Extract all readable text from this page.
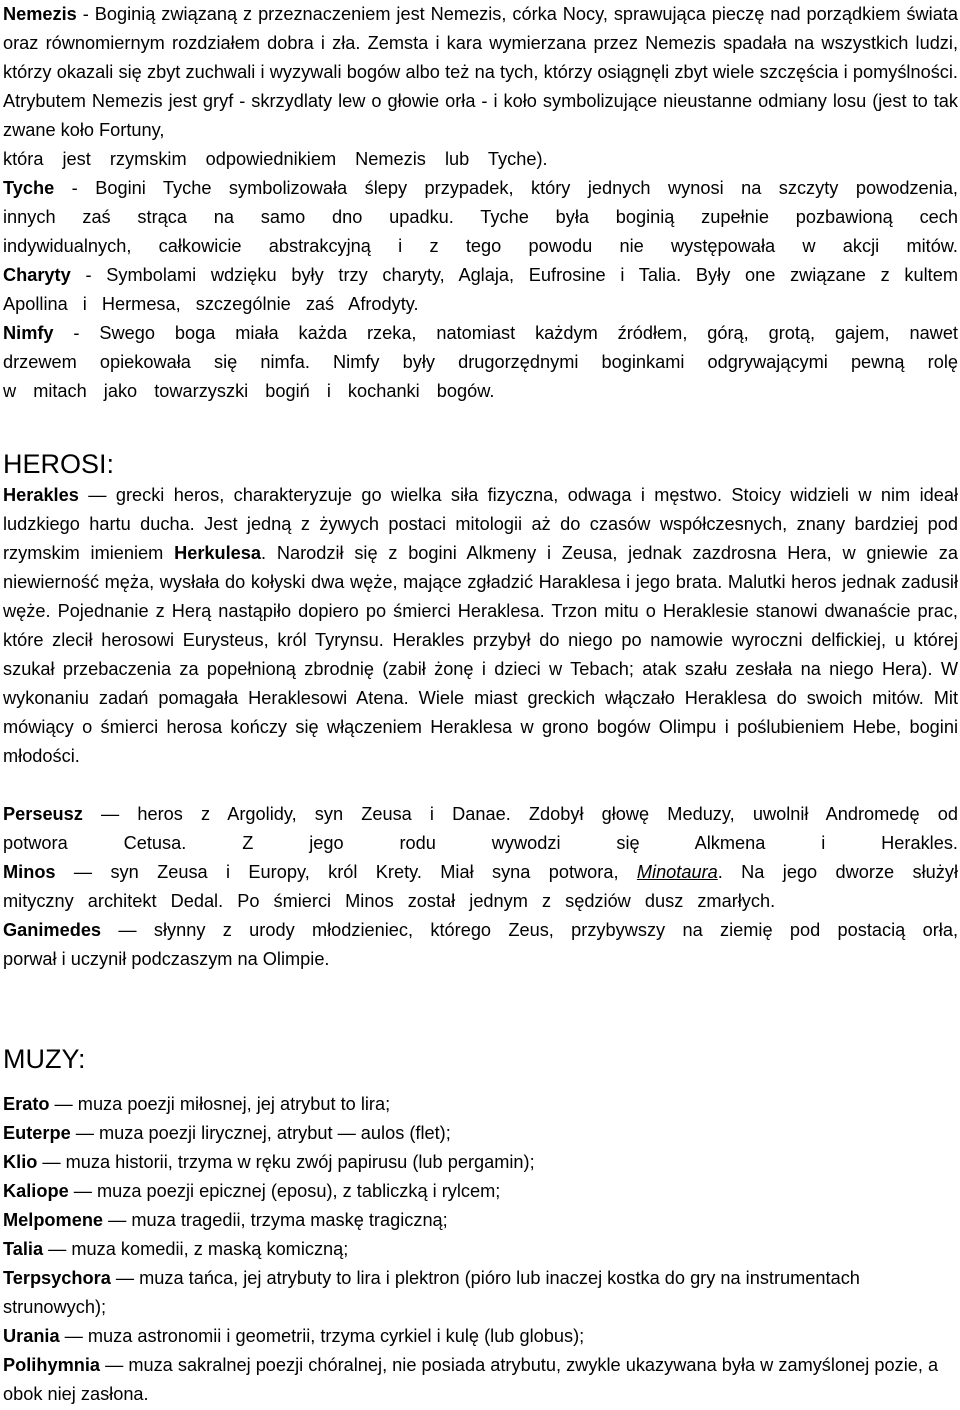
Nemezis - Boginią związaną z przeznaczeniem jest Nemezis, córka Nocy, sprawująca pieczę nad porządkiem świata oraz równomiernym rozdziałem dobra i zła. Zemsta i kara wymierzana przez Nemezis spadała na wszystkich ludzi, którzy okazali się zbyt zuchwali i wyzywali bogów albo też na tych, którzy osiągnęli zbyt wiele szczęścia i pomyślności. Atrybutem Nemezis jest gryf - skrzydlaty lew o głowie orła - i koło symbolizujące nieustanne odmiany losu (jest to tak zwane koło Fortuny,
która jest rzymskim odpowiednikiem Nemezis lub Tyche).

Tyche - Bogini Tyche symbolizowała ślepy przypadek, który jednych wynosi na szczyty powodzenia,
innych zaś strąca na samo dno upadku. Tyche była boginią zupełnie pozbawioną cech
indywidualnych, całkowicie abstrakcyjną i z tego powodu nie występowała w akcji mitów.

Charyty - Symbolami wdzięku były trzy charyty, Aglaja, Eufrosine i Talia. Były one związane z kultem
Apollina i Hermesa, szczególnie zaś Afrodyty.

Nimfy - Swego boga miała każda rzeka, natomiast każdym źródłem, górą, grotą, gajem, nawet
drzewem opiekowała się nimfa. Nimfy były drugorzędnymi boginkami odgrywającymi pewną rolę
w mitach jako towarzyszki bogiń i kochanki bogów.

HEROSI:

Herakles — grecki heros, charakteryzuje go wielka siła fizyczna, odwaga i męstwo. Stoicy widzieli w nim ideał ludzkiego hartu ducha. Jest jedną z żywych postaci mitologii aż do czasów współczesnych, znany bardziej pod rzymskim imieniem Herkulesa. Narodził się z bogini Alkmeny i Zeusa, jednak zazdrosna Hera, w gniewie za niewierność męża, wysłała do kołyski dwa węże, mające zgładzić Haraklesa i jego brata. Malutki heros jednak zadusił węże. Pojednanie z Herą nastąpiło dopiero po śmierci Heraklesa. Trzon mitu o Heraklesie stanowi dwanaście prac, które zlecił herosowi Eurysteus, król Tyrynsu. Herakles przybył do niego po namowie wyroczni delfickiej, u której szukał przebaczenia za popełnioną zbrodnię (zabił żonę i dzieci w Tebach; atak szału zesłała na niego Hera). W wykonaniu zadań pomagała Heraklesowi Atena. Wiele miast greckich włączało Heraklesa do swoich mitów. Mit mówiący o śmierci herosa kończy się włączeniem Heraklesa w grono bogów Olimpu i poślubieniem Hebe, bogini młodości.

Perseusz — heros z Argolidy, syn Zeusa i Danae. Zdobył głowę Meduzy, uwolnił Andromedę od
potwora Cetusa. Z jego rodu wywodzi się Alkmena i Herakles.

Minos — syn Zeusa i Europy, król Krety. Miał syna potwora, Minotaura. Na jego dworze służył
mityczny architekt Dedal. Po śmierci Minos został jednym z sędziów dusz zmarłych.

Ganimedes — słynny z urody młodzieniec, którego Zeus, przybywszy na ziemię pod postacią orła,
porwał i uczynił podczaszym na Olimpie.

MUZY:
Erato — muza poezji miłosnej, jej atrybut to lira;
Euterpe — muza poezji lirycznej, atrybut — aulos (flet);
Klio — muza historii, trzyma w ręku zwój papirusu (lub pergamin);
Kaliope — muza poezji epicznej (eposu), z tabliczką i rylcem;
Melpomene — muza tragedii, trzyma maskę tragiczną;
Talia — muza komedii, z maską komiczną;
Terpsychora — muza tańca, jej atrybuty to lira i plektron (pióro lub inaczej kostka do gry na instrumentach strunowych);
Urania — muza astronomii i geometrii, trzyma cyrkiel i kulę (lub globus);
Polihymnia — muza sakralnej poezji chóralnej, nie posiada atrybutu, zwykle ukazywana była w zamyślonej pozie, a obok niej zasłona.
